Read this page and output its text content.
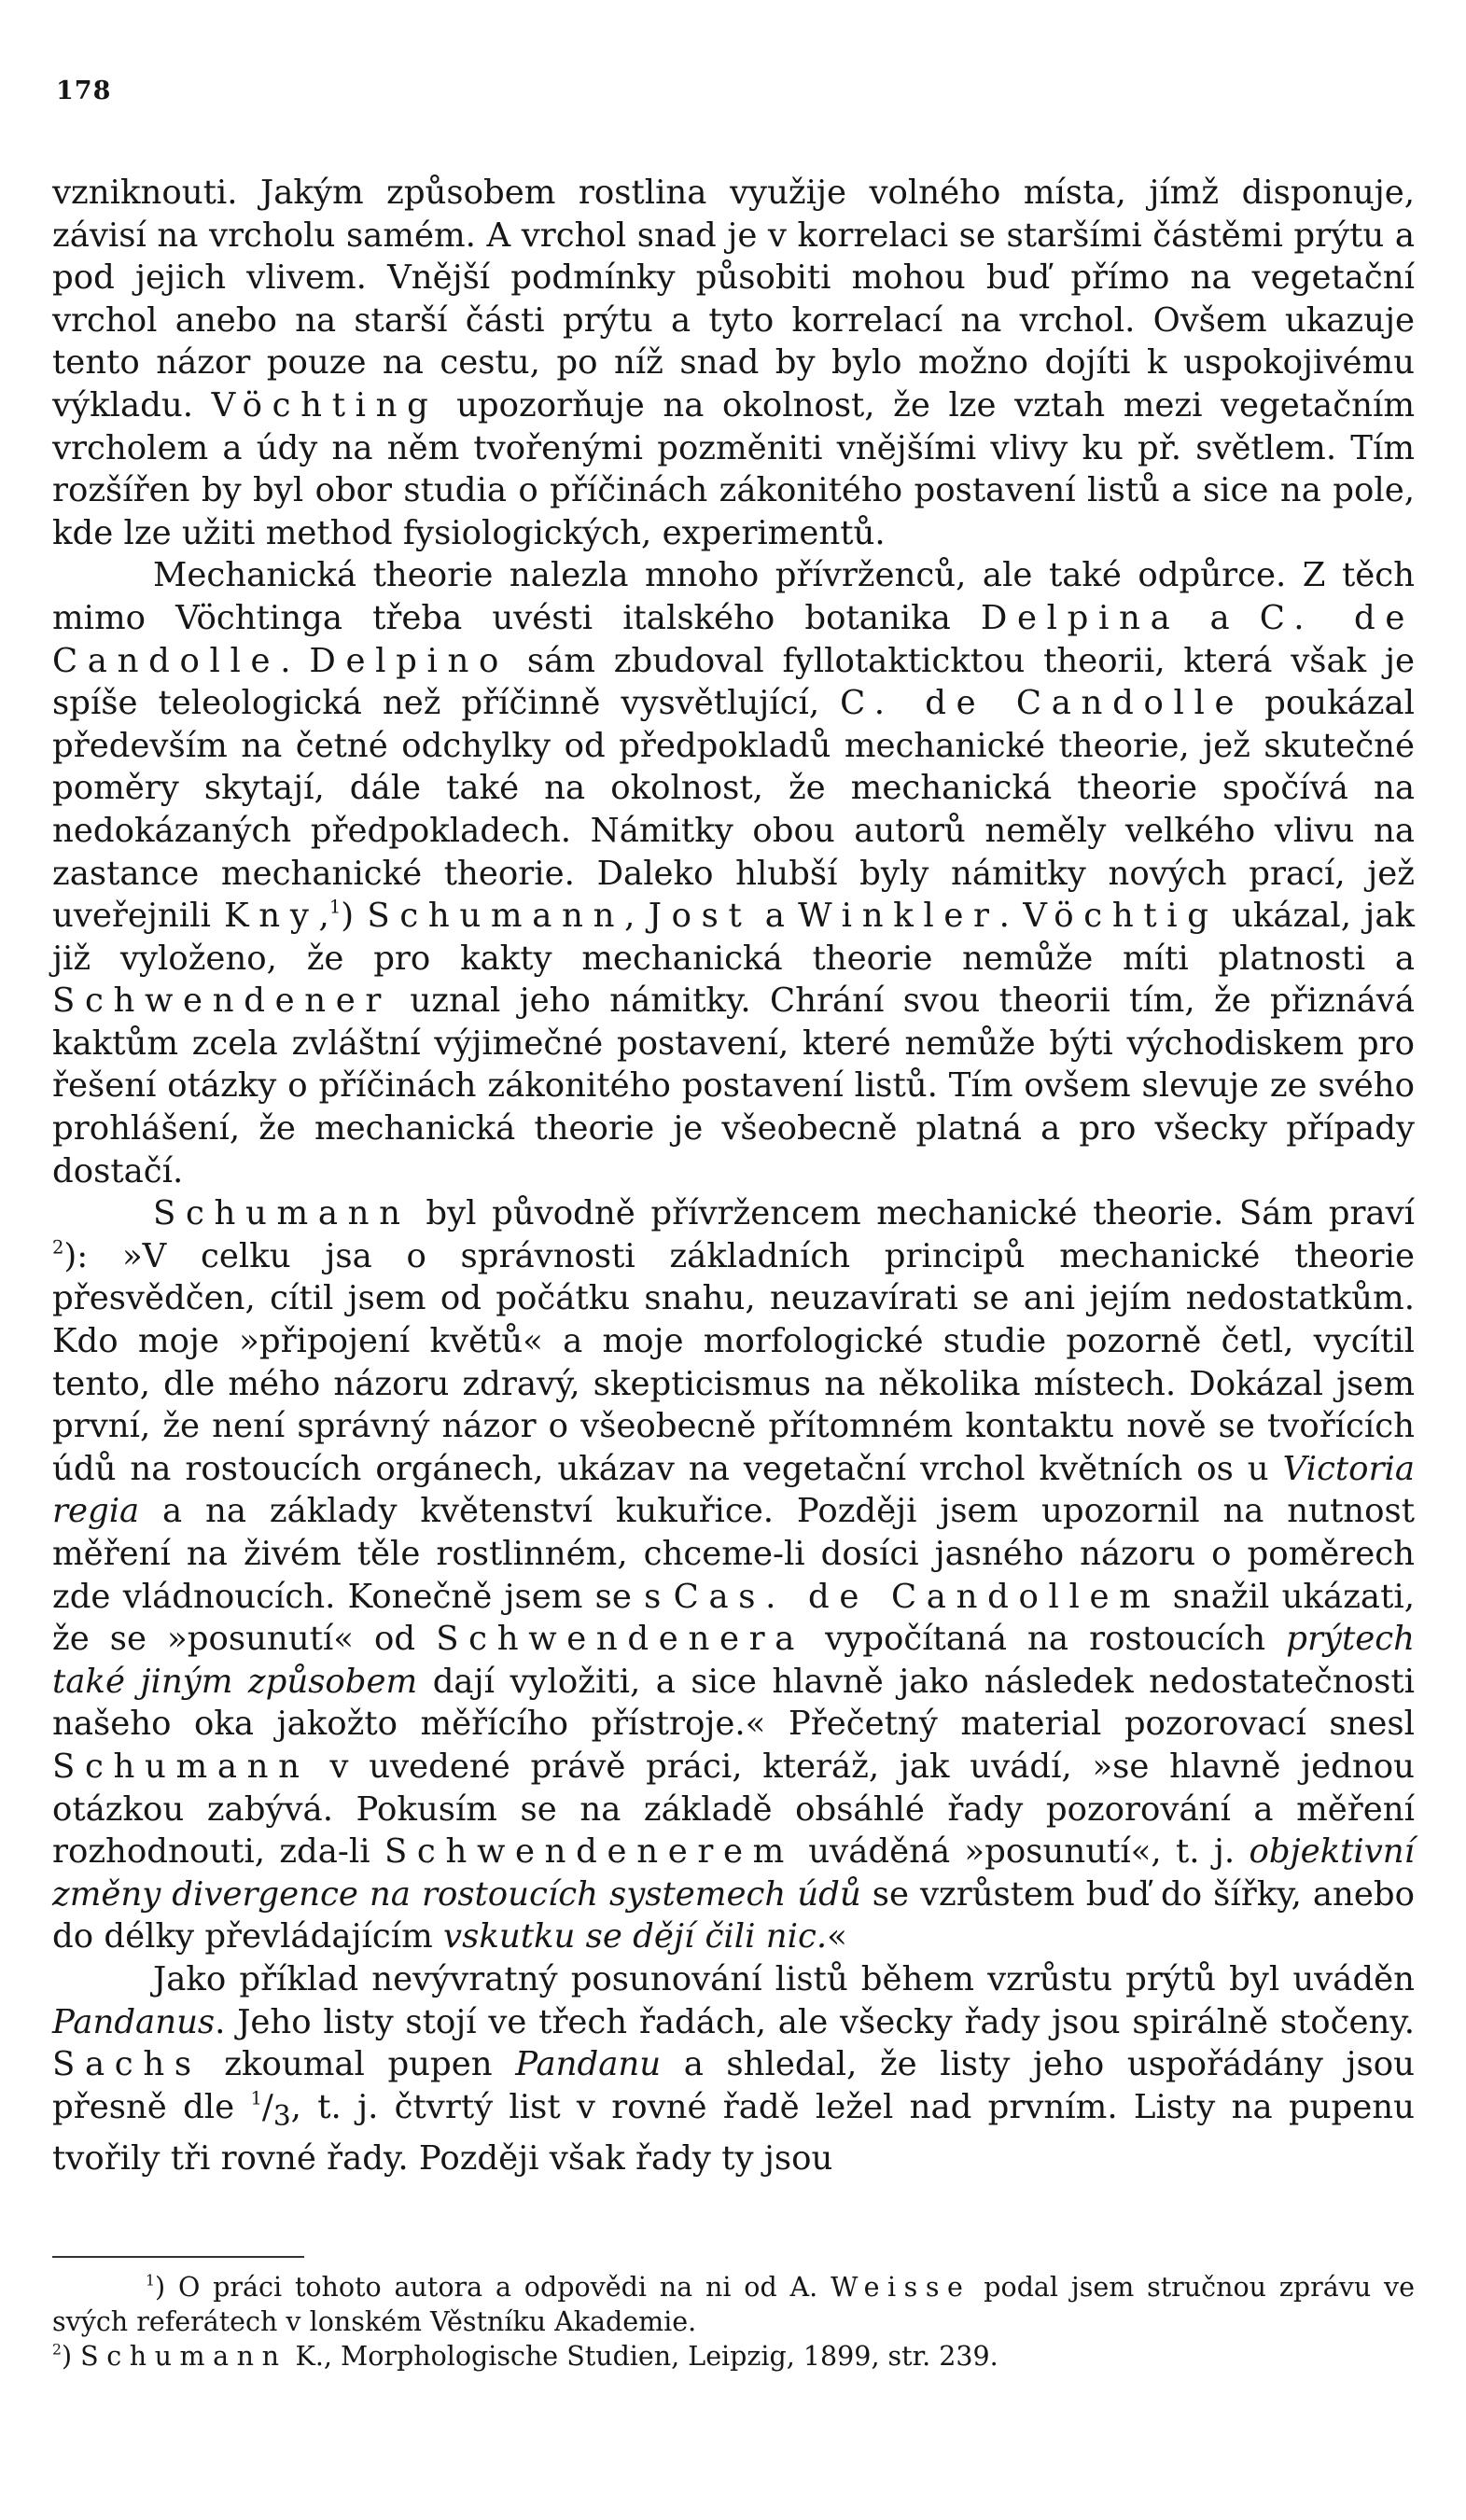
178

vzniknouti. Jakým způsobem rostlina využije volného místa, jímž disponuje, závisí na vrcholu samém. A vrchol snad je v korrelaci se staršími částěmi prýtu a pod jejich vlivem. Vnější podmínky působiti mohou buď přímo na vegetační vrchol anebo na starší části prýtu a tyto korrelací na vrchol. Ovšem ukazuje tento názor pouze na cestu, po níž snad by bylo možno dojíti k uspokojivému výkladu. Vöchting upozorňuje na okolnost, že lze vztah mezi vegetačním vrcholem a údy na něm tvořenými pozměniti vnějšími vlivy ku př. světlem. Tím rozšířen by byl obor studia o příčinách zákonitého postavení listů a sice na pole, kde lze užiti method fysiologických, experimentů.

Mechanická theorie nalezla mnoho přívrženců, ale také odpůrce. Z těch mimo Vöchtinga třeba uvésti italského botanika Delpina a C. de Candolle. Delpino sám zbudoval fyllotakticktou theorii, která však je spíše teleologická než příčinně vysvětlující, C. de Candolle poukázal především na četné odchylky od předpokladů mechanické theorie, jež skutečné poměry skytají, dále také na okolnost, že mechanická theorie spočívá na nedokázaných předpokladech. Námitky obou autorů neměly velkého vlivu na zastance mechanické theorie. Daleko hlubší byly námitky nových prací, jež uveřejnili Kny,$^1$) Schumann, Jost a Winkler. Vöchtig ukázal, jak již vyloženo, že pro kakty mechanická theorie nemůže míti platnosti a Schwendener uznal jeho námitky. Chrání svou theorii tím, že přiznává kaktům zcela zvláštní výjimečné postavení, které nemůže býti východiskem pro řešení otázky o příčinách zákonitého postavení listů. Tím ovšem slevuje ze svého prohlášení, že mechanická theorie je všeobecně platná a pro všecky případy dostačí.

Schumann byl původně přívržencem mechanické theorie. Sám praví $^2$): »V celku jsa o správnosti základních principů mechanické theorie přesvědčen, cítil jsem od počátku snahu, neuzavírati se ani jejím nedostatkům. Kdo moje »připojení květů« a moje morfologické studie pozorně četl, vycítil tento, dle mého názoru zdravý, skepticismus na několika místech. Dokázal jsem první, že není správný názor o všeobecně přítomném kontaktu nově se tvořících údů na rostoucích orgánech, ukázav na vegetační vrchol květních os u Victoria regia a na základy květenství kukuřice. Později jsem upozornil na nutnost měření na živém těle rostlinném, chceme-li dosíci jasného názoru o poměrech zde vládnoucích. Konečně jsem se s Cas. de Candollem snažil ukázati, že se »posunutí« od Schwendenera vypočítaná na rostoucích prýtech také jiným způsobem dají vyložiti, a sice hlavně jako následek nedostatečnosti našeho oka jakožto měřícího přístroje.« Přečetný material pozorovací snesl Schumann v uvedené právě práci, kteráž, jak uvádí, »se hlavně jednou otázkou zabývá. Pokusím se na základě obsáhlé řady pozorování a měření rozhodnouti, zda-li Schwendenerem uváděná »posunutí«, t. j. objektivní změny divergence na rostoucích systemech údů se vzrůstem buď do šířky, anebo do délky převládajícím vskutku se dějí čili nic.«

Jako příklad nevývratný posunování listů během vzrůstu prýtů byl uváděn Pandanus. Jeho listy stojí ve třech řadách, ale všecky řady jsou spirálně stočeny. Sachs zkoumal pupen Pandanu a shledal, že listy jeho uspořádány jsou přesně dle $^1/_3$, t. j. čtvrtý list v rovné řadě ležel nad prvním. Listy na pupenu tvořily tři rovné řady. Později však řady ty jsou

$^1$) O práci tohoto autora a odpovědi na ni od A. Weisse podal jsem stručnou zprávu ve svých referátech v lonském Věstníku Akademie.

$^2$) Schumann K., Morphologische Studien, Leipzig, 1899, str. 239.
